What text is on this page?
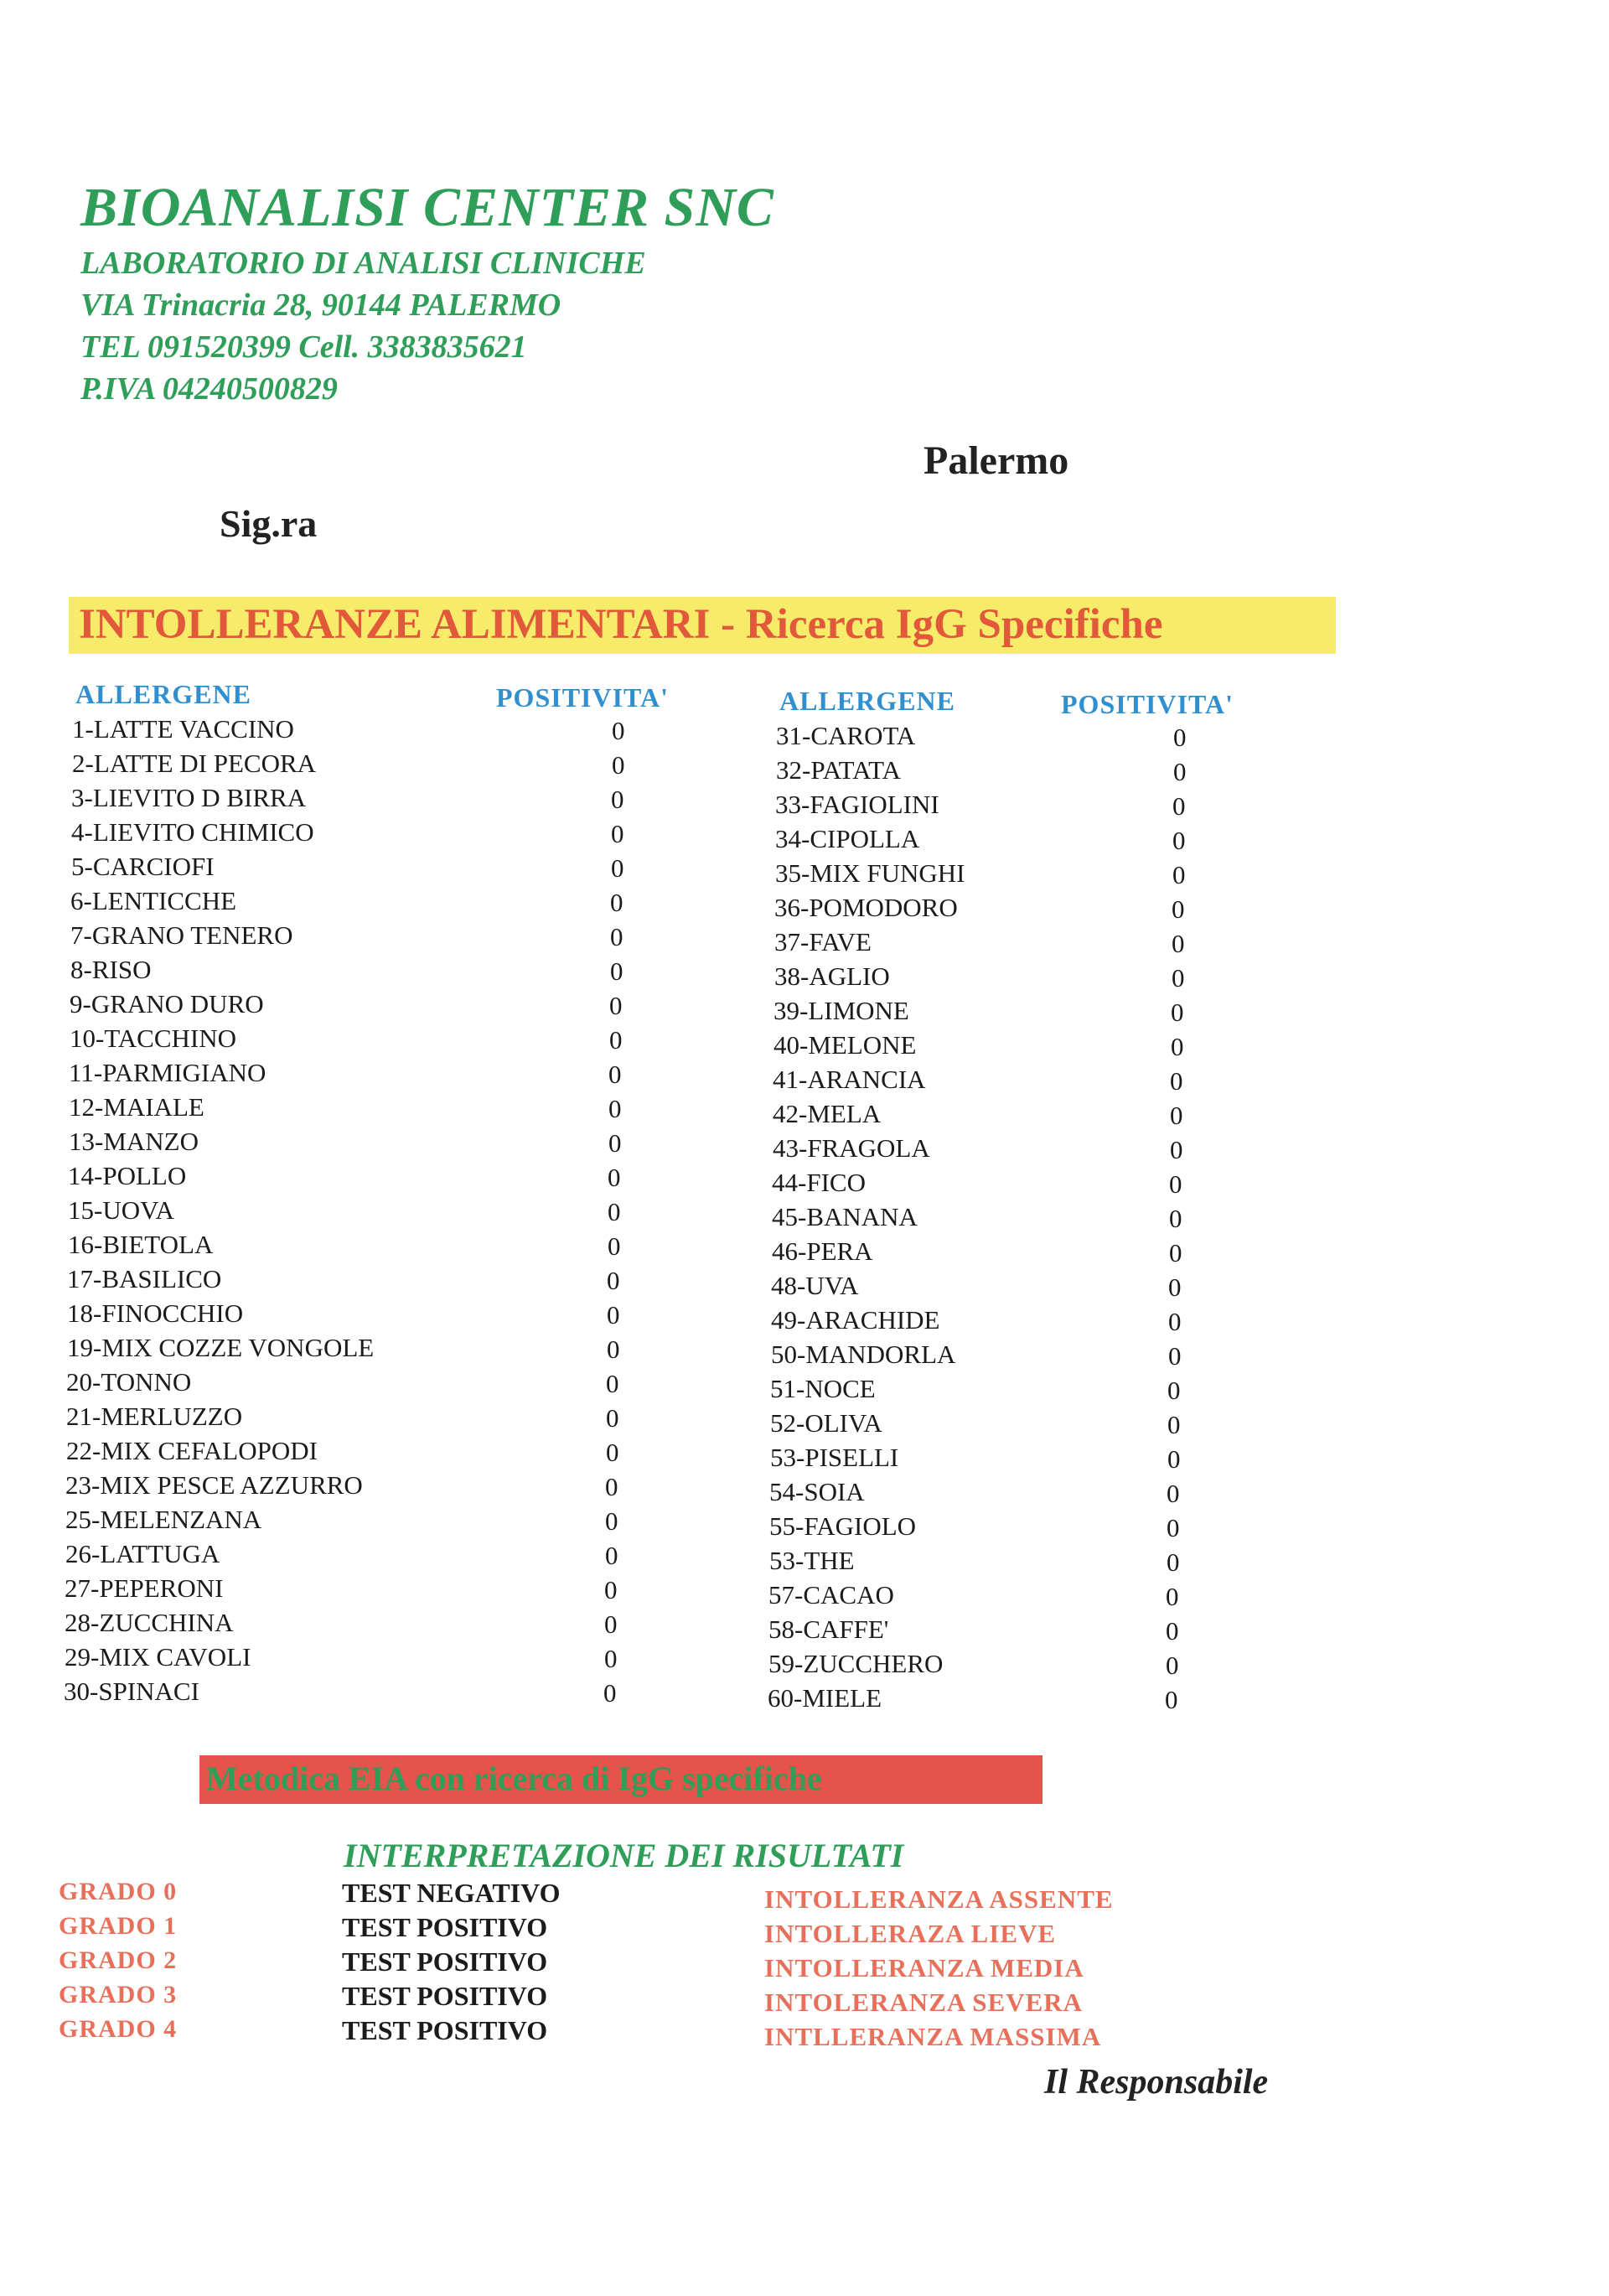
BIOANALISI CENTER SNC
LABORATORIO DI ANALISI CLINICHE
VIA Trinacria 28, 90144 PALERMO
TEL 091520399 Cell. 3383835621
P.IVA 04240500829
Palermo
Sig.ra
INTOLLERANZE ALIMENTARI - Ricerca IgG Specifiche
ALLERGENE	POSITIVITA'	ALLERGENE	POSITIVITA'
1-LATTE VACCINO	0
2-LATTE DI PECORA	0
3-LIEVITO D BIRRA	0
4-LIEVITO CHIMICO	0
5-CARCIOFI	0
6-LENTICCHE	0
7-GRANO TENERO	0
8-RISO	0
9-GRANO DURO	0
10-TACCHINO	0
11-PARMIGIANO	0
12-MAIALE	0
13-MANZO	0
14-POLLO	0
15-UOVA	0
16-BIETOLA	0
17-BASILICO	0
18-FINOCCHIO	0
19-MIX COZZE VONGOLE	0
20-TONNO	0
21-MERLUZZO	0
22-MIX CEFALOPODI	0
23-MIX PESCE AZZURRO	0
25-MELENZANA	0
26-LATTUGA	0
27-PEPERONI	0
28-ZUCCHINA	0
29-MIX CAVOLI	0
30-SPINACI	0
31-CAROTA	0
32-PATATA	0
33-FAGIOLINI	0
34-CIPOLLA	0
35-MIX FUNGHI	0
36-POMODORO	0
37-FAVE	0
38-AGLIO	0
39-LIMONE	0
40-MELONE	0
41-ARANCIA	0
42-MELA	0
43-FRAGOLA	0
44-FICO	0
45-BANANA	0
46-PERA	0
48-UVA	0
49-ARACHIDE	0
50-MANDORLA	0
51-NOCE	0
52-OLIVA	0
53-PISELLI	0
54-SOIA	0
55-FAGIOLO	0
53-THE	0
57-CACAO	0
58-CAFFE'	0
59-ZUCCHERO	0
60-MIELE	0
Metodica EIA con ricerca di IgG specifiche
INTERPRETAZIONE DEI RISULTATI
GRADO 0	TEST NEGATIVO	INTOLLERANZA ASSENTE
GRADO 1	TEST POSITIVO	INTOLLERAZA LIEVE
GRADO 2	TEST POSITIVO	INTOLLERANZA MEDIA
GRADO 3	TEST POSITIVO	INTOLERANZA SEVERA
GRADO 4	TEST POSITIVO	INTLLERANZA MASSIMA
Il Responsabile
